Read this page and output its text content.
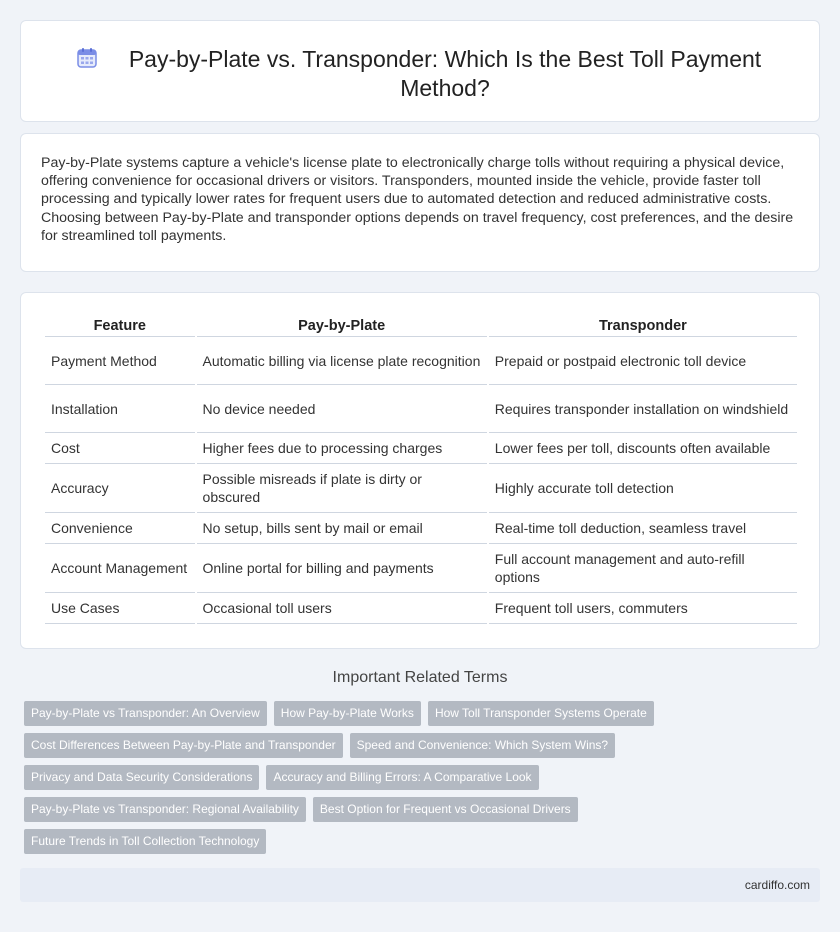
Pay-by-Plate vs. Transponder: Which Is the Best Toll Payment Method?

Pay-by-Plate systems capture a vehicle's license plate to electronically charge tolls without requiring a physical device, offering convenience for occasional drivers or visitors. Transponders, mounted inside the vehicle, provide faster toll processing and typically lower rates for frequent users due to automated detection and reduced administrative costs. Choosing between Pay-by-Plate and transponder options depends on travel frequency, cost preferences, and the desire for streamlined toll payments.

Feature	Pay-by-Plate	Transponder
Payment Method	Automatic billing via license plate recognition	Prepaid or postpaid electronic toll device
Installation	No device needed	Requires transponder installation on windshield
Cost	Higher fees due to processing charges	Lower fees per toll, discounts often available
Accuracy	Possible misreads if plate is dirty or obscured	Highly accurate toll detection
Convenience	No setup, bills sent by mail or email	Real-time toll deduction, seamless travel
Account Management	Online portal for billing and payments	Full account management and auto-refill options
Use Cases	Occasional toll users	Frequent toll users, commuters
Important Related Terms
Pay-by-Plate vs Transponder: An Overview	How Pay-by-Plate Works	How Toll Transponder Systems Operate
Cost Differences Between Pay-by-Plate and Transponder	Speed and Convenience: Which System Wins?
Privacy and Data Security Considerations	Accuracy and Billing Errors: A Comparative Look
Pay-by-Plate vs Transponder: Regional Availability	Best Option for Frequent vs Occasional Drivers
Future Trends in Toll Collection Technology
cardiffo.com
